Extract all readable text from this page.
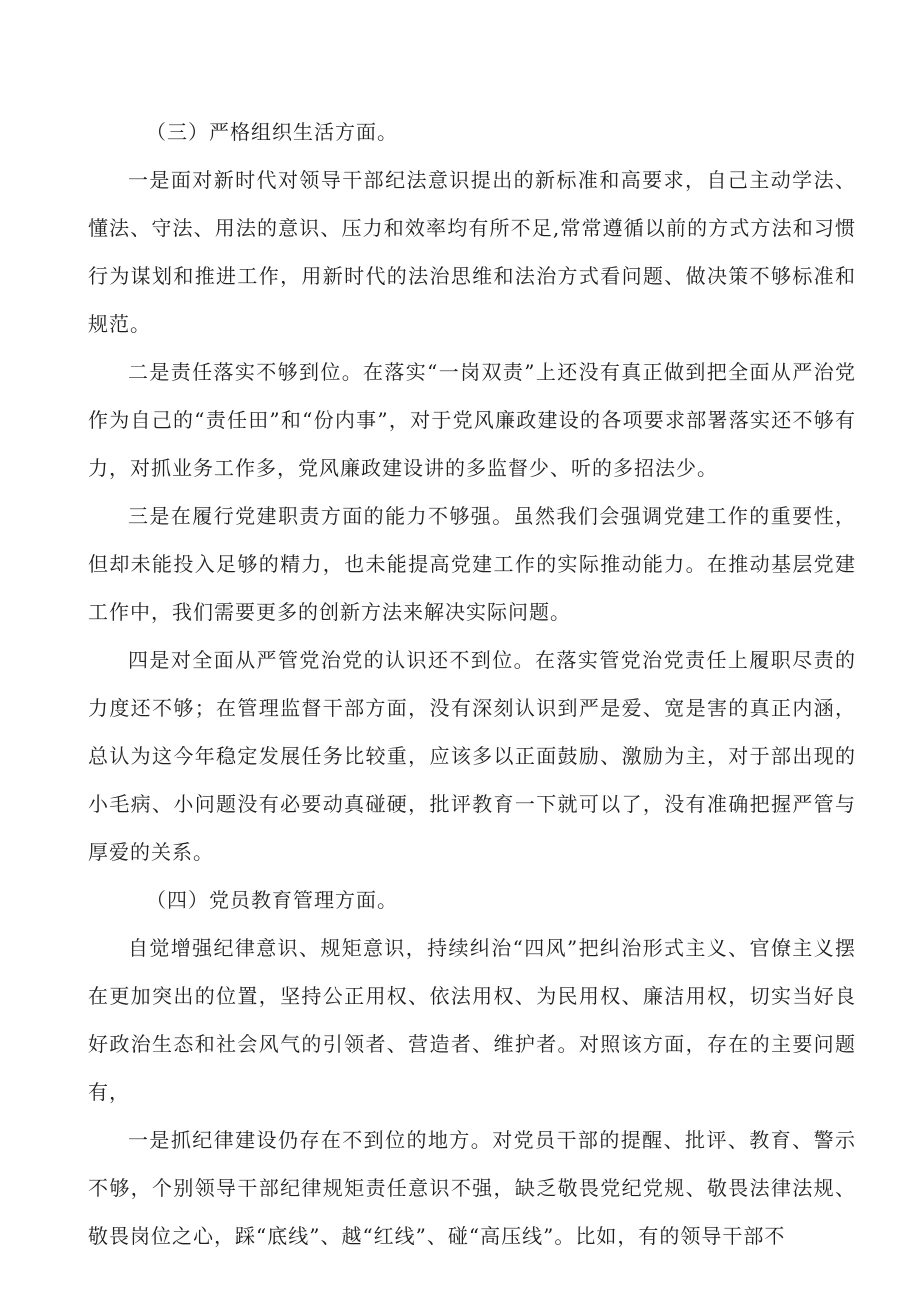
（三）严格组织生活方面。

一是面对新时代对领导干部纪法意识提出的新标准和高要求，自己主动学法、懂法、守法、用法的意识、压力和效率均有所不足,常常遵循以前的方式方法和习惯行为谋划和推进工作，用新时代的法治思维和法治方式看问题、做决策不够标准和规范。

二是责任落实不够到位。在落实“一岗双责”上还没有真正做到把全面从严治党作为自己的“责任田”和“份内事”，对于党风廉政建设的各项要求部署落实还不够有力，对抓业务工作多，党风廉政建设讲的多监督少、听的多招法少。

三是在履行党建职责方面的能力不够强。虽然我们会强调党建工作的重要性，但却未能投入足够的精力，也未能提高党建工作的实际推动能力。在推动基层党建工作中，我们需要更多的创新方法来解决实际问题。

四是对全面从严管党治党的认识还不到位。在落实管党治党责任上履职尽责的力度还不够；在管理监督干部方面，没有深刻认识到严是爱、宽是害的真正内涵，总认为这今年稳定发展任务比较重，应该多以正面鼓励、激励为主，对于部出现的小毛病、小问题没有必要动真碰硬，批评教育一下就可以了，没有准确把握严管与厚爱的关系。

（四）党员教育管理方面。

自觉增强纪律意识、规矩意识，持续纠治“四风”把纠治形式主义、官僚主义摆在更加突出的位置，坚持公正用权、依法用权、为民用权、廉洁用权，切实当好良好政治生态和社会风气的引领者、营造者、维护者。对照该方面，存在的主要问题有，

一是抓纪律建设仍存在不到位的地方。对党员干部的提醒、批评、教育、警示不够，个别领导干部纪律规矩责任意识不强，缺乏敬畏党纪党规、敬畏法律法规、敬畏岗位之心，踩“底线”、越“红线”、碰“高压线”。比如，有的领导干部不
